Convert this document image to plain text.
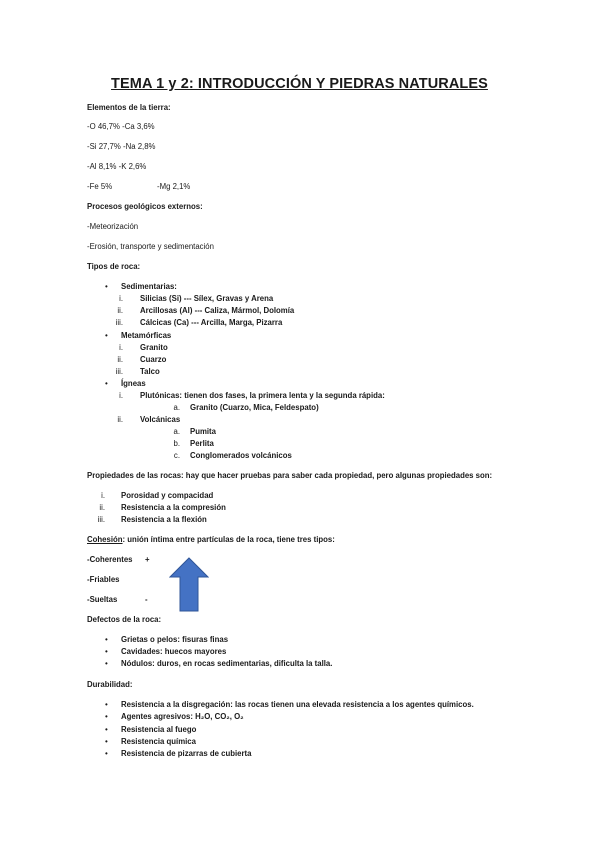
TEMA 1 y 2: INTRODUCCIÓN Y PIEDRAS NATURALES
Elementos de la tierra:
-O 46,7% -Ca 3,6%
-Si 27,7% -Na 2,8%
-Al 8,1% -K 2,6%
-Fe 5%	-Mg 2,1%
Procesos geológicos externos:
-Meteorización
-Erosión, transporte y sedimentación
Tipos de roca:
• Sedimentarias:
i. Silicias (Si) --- Sílex, Gravas y Arena
ii. Arcillosas (Al) --- Caliza, Mármol, Dolomía
iii. Cálcicas (Ca) --- Arcilla, Marga, Pizarra
• Metamórficas
i. Granito
ii. Cuarzo
iii. Talco
• Ígneas
i. Plutónicas: tienen dos fases, la primera lenta y la segunda rápida:
a. Granito (Cuarzo, Mica, Feldespato)
ii. Volcánicas
a. Pumita
b. Perlita
c. Conglomerados volcánicos
Propiedades de las rocas: hay que hacer pruebas para saber cada propiedad, pero algunas propiedades son:
i. Porosidad y compacidad
ii. Resistencia a la compresión
iii. Resistencia a la flexión
Cohesión: unión íntima entre partículas de la roca, tiene tres tipos:
-Coherentes +
-Friables
-Sueltas	-
Defectos de la roca:
• Grietas o pelos: fisuras finas
• Cavidades: huecos mayores
• Nódulos: duros, en rocas sedimentarias, dificulta la talla.
Durabilidad:
• Resistencia a la disgregación: las rocas tienen una elevada resistencia a los agentes químicos.
• Agentes agresivos: H₂O, CO₂, O₂
• Resistencia al fuego
• Resistencia química
• Resistencia de pizarras de cubierta
